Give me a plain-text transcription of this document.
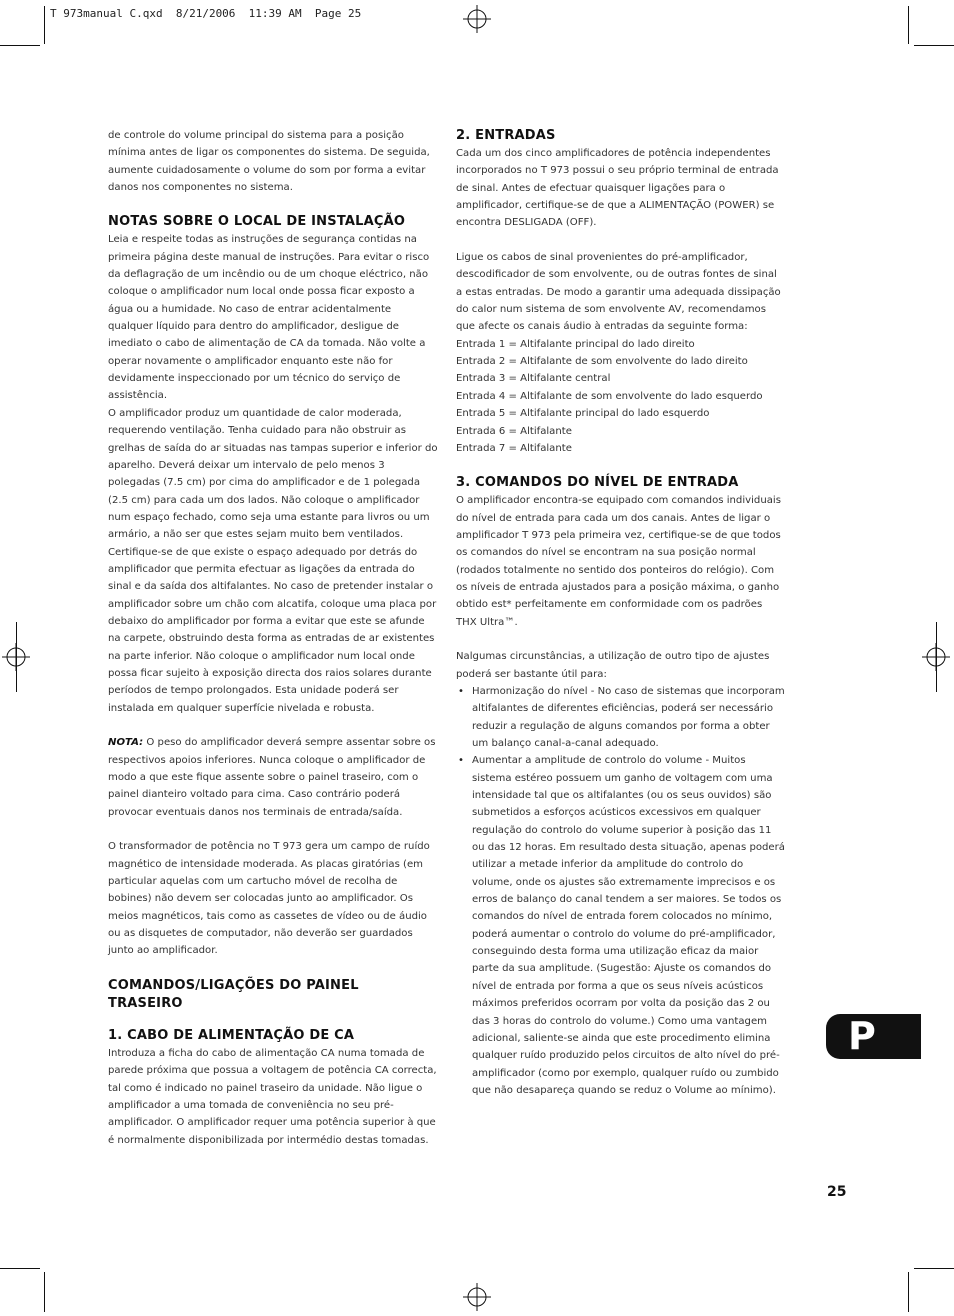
T 973manual C.qxd  8/21/2006  11:39 AM  Page 25

de controle do volume principal do sistema para a posição mínima antes de ligar os componentes do sistema. De seguida, aumente cuidadosamente o volume do som por forma a evitar danos nos componentes no sistema.

NOTAS SOBRE O LOCAL DE INSTALAÇÃO

Leia e respeite todas as instruções de segurança contidas na primeira página deste manual de instruções. Para evitar o risco da deflagração de um incêndio ou de um choque eléctrico, não coloque o amplificador num local onde possa ficar exposto a água ou a humidade. No caso de entrar acidentalmente qualquer líquido para dentro do amplificador, desligue de imediato o cabo de alimentação de CA da tomada. Não volte a operar novamente o amplificador enquanto este não for devidamente inspeccionado por um técnico do serviço de assistência.

O amplificador produz um quantidade de calor moderada, requerendo ventilação. Tenha cuidado para não obstruir as grelhas de saída do ar situadas nas tampas superior e inferior do aparelho. Deverá deixar um intervalo de pelo menos 3 polegadas (7.5 cm) por cima do amplificador e de 1 polegada (2.5 cm) para cada um dos lados. Não coloque o amplificador num espaço fechado, como seja uma estante para livros ou um armário, a não ser que estes sejam muito bem ventilados. Certifique-se de que existe o espaço adequado por detrás do amplificador que permita efectuar as ligações da entrada do sinal e da saída dos altifalantes. No caso de pretender instalar o amplificador sobre um chão com alcatifa, coloque uma placa por debaixo do amplificador por forma a evitar que este se afunde na carpete, obstruindo desta forma as entradas de ar existentes na parte inferior. Não coloque o amplificador num local onde possa ficar sujeito à exposição directa dos raios solares durante períodos de tempo prolongados. Esta unidade poderá ser instalada em qualquer superfície nivelada e robusta.

NOTA: O peso do amplificador deverá sempre assentar sobre os respectivos apoios inferiores. Nunca coloque o amplificador de modo a que este fique assente sobre o painel traseiro, com o painel dianteiro voltado para cima. Caso contrário poderá provocar eventuais danos nos terminais de entrada/saída.

O transformador de potência no T 973 gera um campo de ruído magnético de intensidade moderada. As placas giratórias (em particular aquelas com um cartucho móvel de recolha de bobines) não devem ser colocadas junto ao amplificador. Os meios magnéticos, tais como as cassetes de vídeo ou de áudio ou as disquetes de computador, não deverão ser guardados junto ao amplificador.

COMANDOS/LIGAÇÕES DO PAINEL
TRASEIRO
1. CABO DE ALIMENTAÇÃO DE CA

Introduza a ficha do cabo de alimentação CA numa tomada de parede próxima que possua a voltagem de potência CA correcta, tal como é indicado no painel traseiro da unidade. Não ligue o amplificador a uma tomada de conveniência no seu pré-amplificador. O amplificador requer uma potência superior à que é normalmente disponibilizada por intermédio destas tomadas.

2. ENTRADAS

Cada um dos cinco amplificadores de potência independentes incorporados no T 973 possui o seu próprio terminal de entrada de sinal. Antes de efectuar quaisquer ligações para o amplificador, certifique-se de que a ALIMENTAÇÃO (POWER) se encontra DESLIGADA (OFF).

Ligue os cabos de sinal provenientes do pré-amplificador, descodificador de som envolvente, ou de outras fontes de sinal a estas entradas. De modo a garantir uma adequada dissipação do calor num sistema de som envolvente AV, recomendamos que afecte os canais áudio à entradas da seguinte forma:

Entrada 1 = Altifalante principal do lado direito
Entrada 2 = Altifalante de som envolvente do lado direito
Entrada 3 = Altifalante central
Entrada 4 = Altifalante de som envolvente do lado esquerdo
Entrada 5 = Altifalante principal do lado esquerdo
Entrada 6 = Altifalante
Entrada 7 = Altifalante
3. COMANDOS DO NÍVEL DE ENTRADA

O amplificador encontra-se equipado com comandos individuais do nível de entrada para cada um dos canais. Antes de ligar o amplificador T 973 pela primeira vez, certifique-se de que todos os comandos do nível se encontram na sua posição normal (rodados totalmente no sentido dos ponteiros do relógio). Com os níveis de entrada ajustados para a posição máxima, o ganho obtido est* perfeitamente em conformidade com os padrões THX Ultra™.

Nalgumas circunstâncias, a utilização de outro tipo de ajustes poderá ser bastante útil para:

• Harmonização do nível - No caso de sistemas que incorporam altifalantes de diferentes eficiências, poderá ser necessário reduzir a regulação de alguns comandos por forma a obter um balanço canal-a-canal adequado.
• Aumentar a amplitude de controlo do volume - Muitos sistema estéreo possuem um ganho de voltagem com uma intensidade tal que os altifalantes (ou os seus ouvidos) são submetidos a esforços acústicos excessivos em qualquer regulação do controlo do volume superior à posição das 11 ou das 12 horas. Em resultado desta situação, apenas poderá utilizar a metade inferior da amplitude do controlo do volume, onde os ajustes são extremamente imprecisos e os erros de balanço do canal tendem a ser maiores. Se todos os comandos do nível de entrada forem colocados no mínimo, poderá aumentar o controlo do volume do pré-amplificador, conseguindo desta forma uma utilização eficaz da maior parte da sua amplitude. (Sugestão: Ajuste os comandos do nível de entrada por forma a que os seus níveis acústicos máximos preferidos ocorram por volta da posição das 2 ou das 3 horas do controlo do volume.) Como uma vantagem adicional, saliente-se ainda que este procedimento elimina qualquer ruído produzido pelos circuitos de alto nível do pré-amplificador (como por exemplo, qualquer ruído ou zumbido que não desapareça quando se reduz o Volume ao mínimo).
P
25
